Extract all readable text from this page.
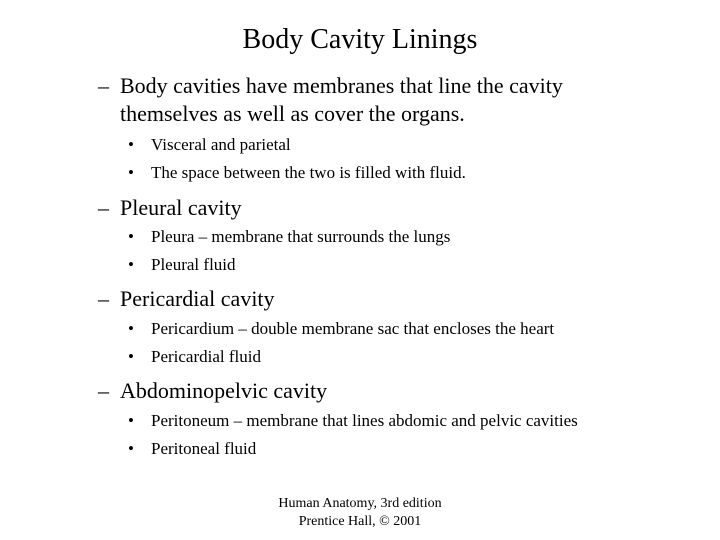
Body Cavity Linings
– Body cavities have membranes that line the cavity
themselves as well as cover the organs.
• Visceral and parietal
• The space between the two is filled with fluid.
– Pleural cavity
• Pleura – membrane that surrounds the lungs
• Pleural fluid
– Pericardial cavity
• Pericardium – double membrane sac that encloses the heart
• Pericardial fluid
– Abdominopelvic cavity
• Peritoneum – membrane that lines abdomic and pelvic cavities
• Peritoneal fluid
Human Anatomy, 3rd edition
Prentice Hall, © 2001
